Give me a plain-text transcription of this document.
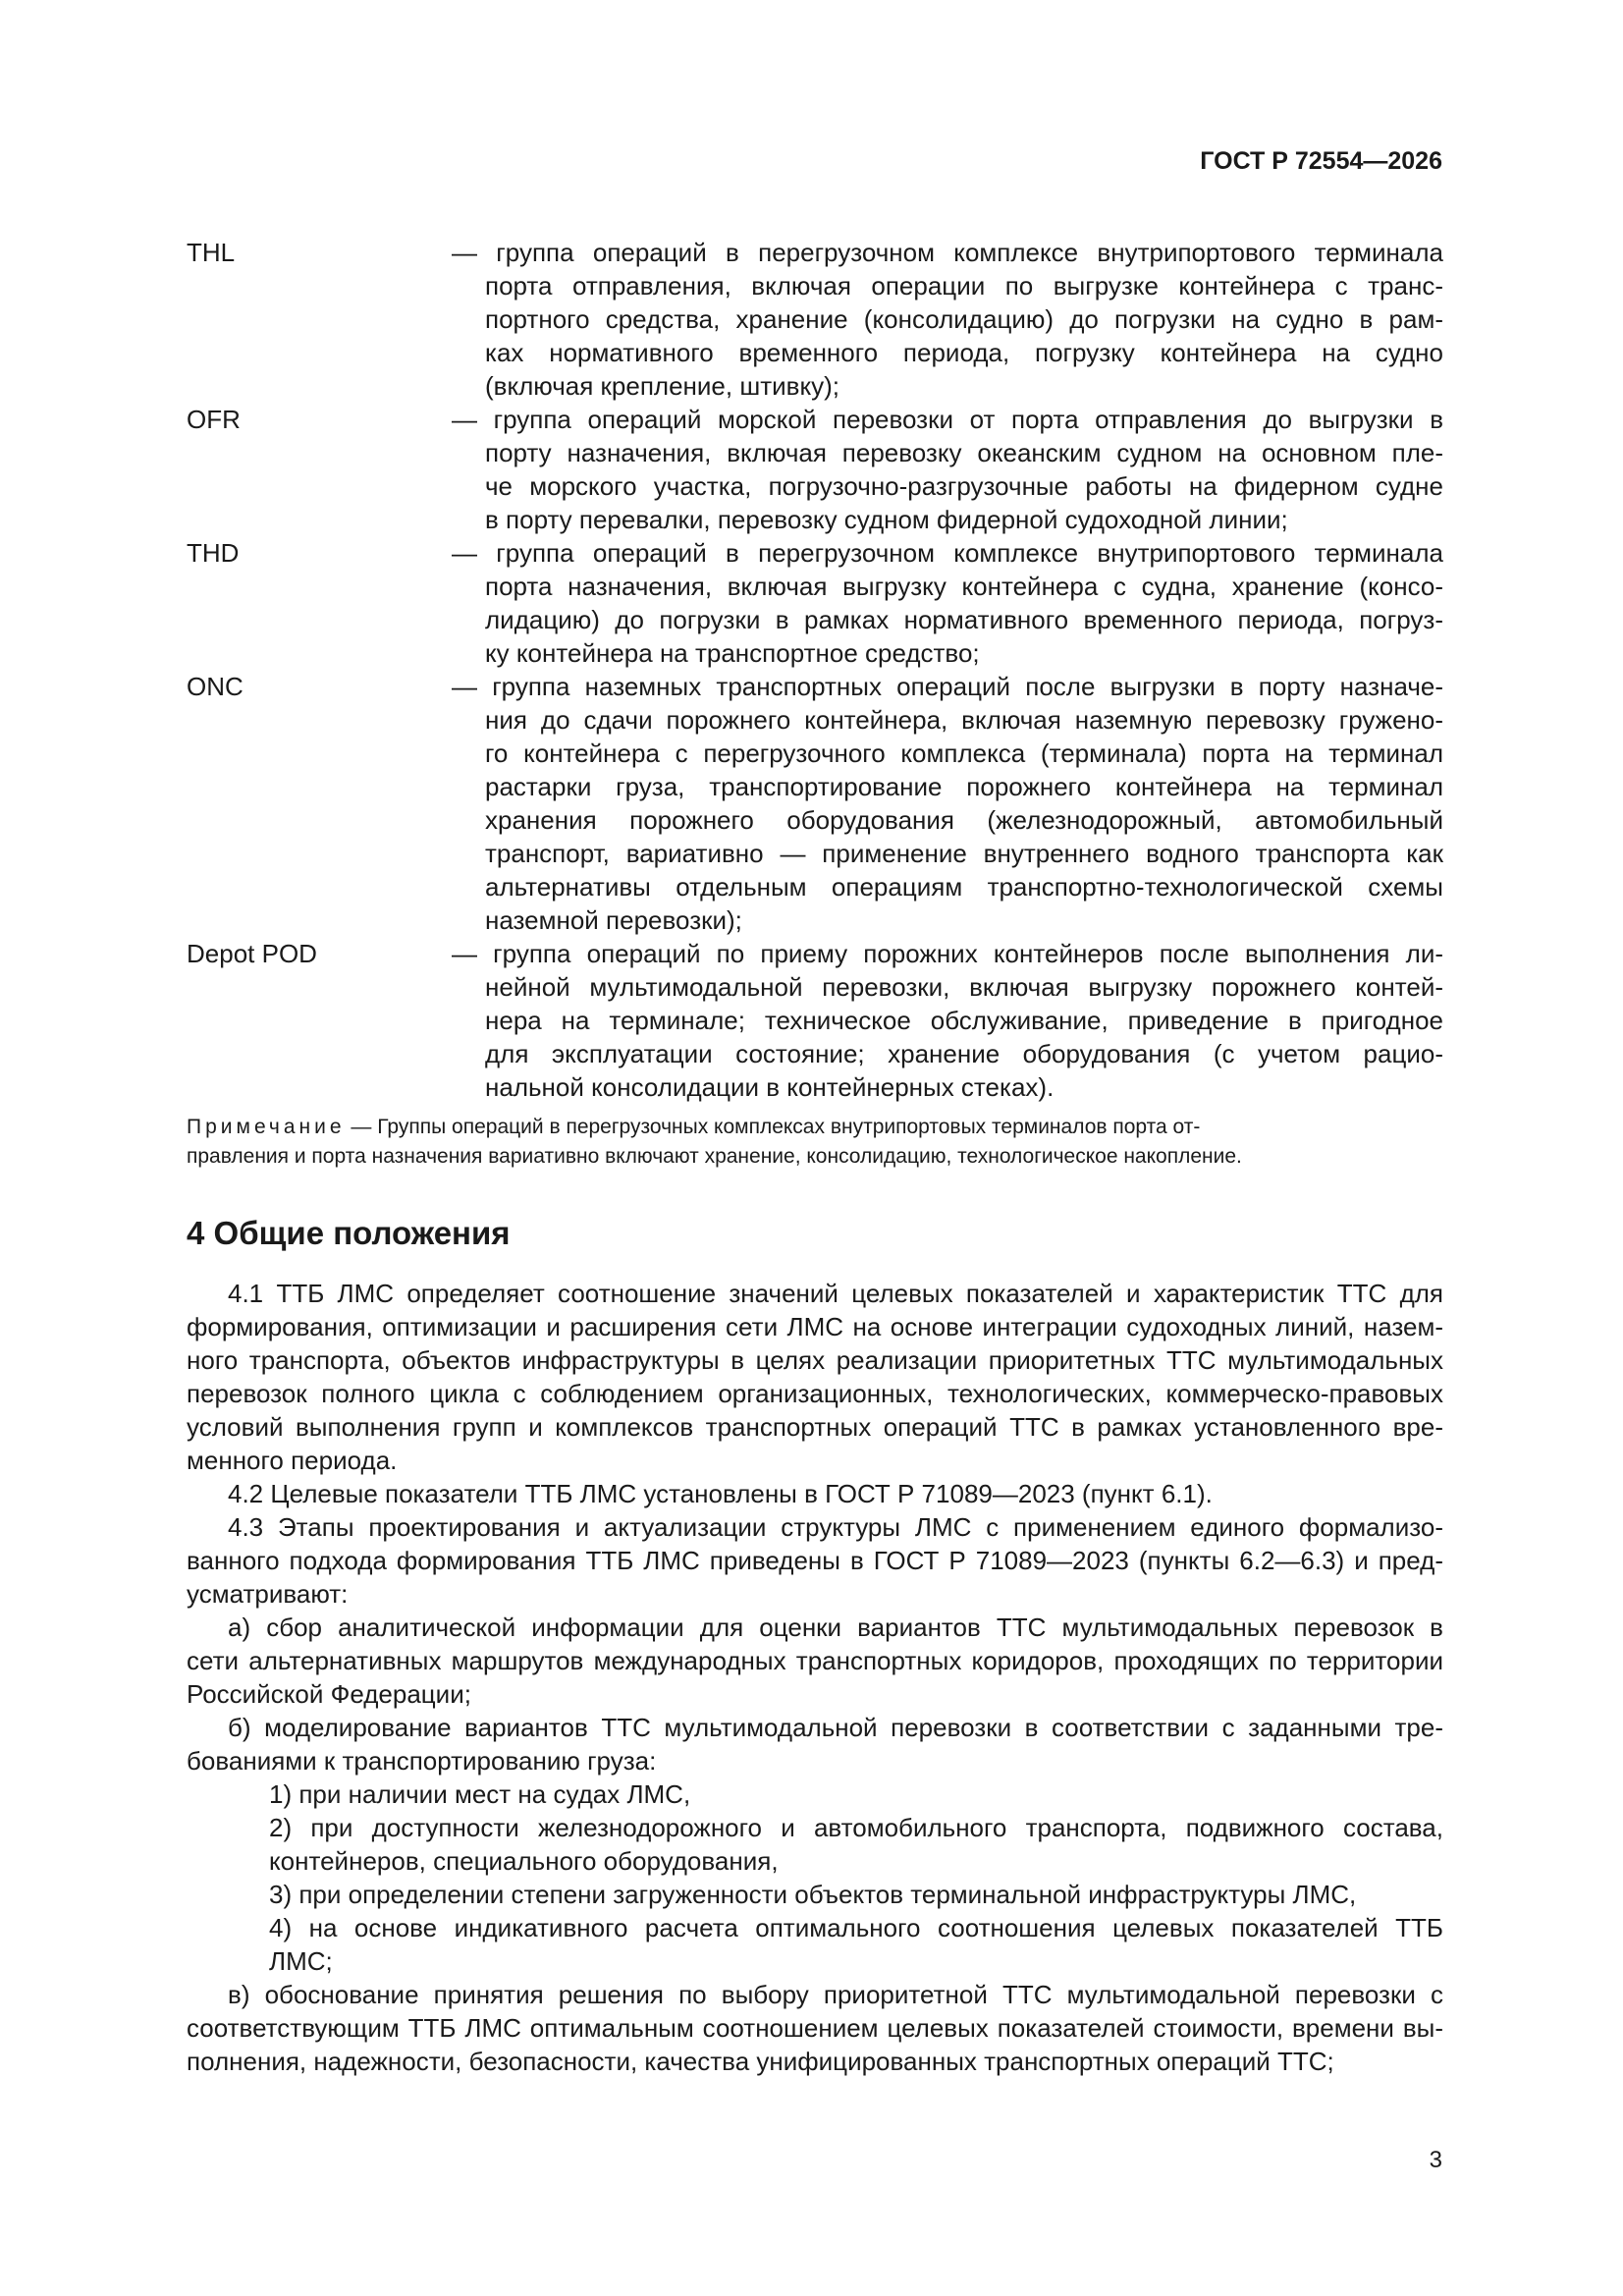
ГОСТ Р 72554—2026
THL	— группа операций в перегрузочном комплексе внутрипортового терминала
порта отправления, включая операции по выгрузке контейнера с транс-
портного средства, хранение (консолидацию) до погрузки на судно в рам-
ках нормативного временного периода, погрузку контейнера на судно
(включая крепление, штивку);
OFR	— группа операций морской перевозки от порта отправления до выгрузки в
порту назначения, включая перевозку океанским судном на основном пле-
че морского участка, погрузочно-разгрузочные работы на фидерном судне
в порту перевалки, перевозку судном фидерной судоходной линии;
THD	— группа операций в перегрузочном комплексе внутрипортового терминала
порта назначения, включая выгрузку контейнера с судна, хранение (консо-
лидацию) до погрузки в рамках нормативного временного периода, погруз-
ку контейнера на транспортное средство;
ONC	— группа наземных транспортных операций после выгрузки в порту назначе-
ния до сдачи порожнего контейнера, включая наземную перевозку гружено-
го контейнера с перегрузочного комплекса (терминала) порта на терминал
растарки груза, транспортирование порожнего контейнера на терминал
хранения порожнего оборудования (железнодорожный, автомобильный
транспорт, вариативно — применение внутреннего водного транспорта как
альтернативы отдельным операциям транспортно-технологической схемы
наземной перевозки);
Depot POD	— группа операций по приему порожних контейнеров после выполнения ли-
нейной мультимодальной перевозки, включая выгрузку порожнего контей-
нера на терминале; техническое обслуживание, приведение в пригодное
для эксплуатации состояние; хранение оборудования (с учетом рацио-
нальной консолидации в контейнерных стеках).
Примечание — Группы операций в перегрузочных комплексах внутрипортовых терминалов порта от-
правления и порта назначения вариативно включают хранение, консолидацию, технологическое накопление.
4 Общие положения
4.1 ТТБ ЛМС определяет соотношение значений целевых показателей и характеристик ТТС для
формирования, оптимизации и расширения сети ЛМС на основе интеграции судоходных линий, назем-
ного транспорта, объектов инфраструктуры в целях реализации приоритетных ТТС мультимодальных
перевозок полного цикла с соблюдением организационных, технологических, коммерческо-правовых
условий выполнения групп и комплексов транспортных операций ТТС в рамках установленного вре-
менного периода.
4.2 Целевые показатели ТТБ ЛМС установлены в ГОСТ Р 71089—2023 (пункт 6.1).
4.3 Этапы проектирования и актуализации структуры ЛМС с применением единого формализо-
ванного подхода формирования ТТБ ЛМС приведены в ГОСТ Р 71089—2023 (пункты 6.2—6.3) и пред-
усматривают:
а) сбор аналитической информации для оценки вариантов ТТС мультимодальных перевозок в
сети альтернативных маршрутов международных транспортных коридоров, проходящих по территории
Российской Федерации;
б) моделирование вариантов ТТС мультимодальной перевозки в соответствии с заданными тре-
бованиями к транспортированию груза:
1) при наличии мест на судах ЛМС,
2) при доступности железнодорожного и автомобильного транспорта, подвижного состава,
контейнеров, специального оборудования,
3) при определении степени загруженности объектов терминальной инфраструктуры ЛМС,
4) на основе индикативного расчета оптимального соотношения целевых показателей ТТБ
ЛМС;
в) обоснование принятия решения по выбору приоритетной ТТС мультимодальной перевозки с
соответствующим ТТБ ЛМС оптимальным соотношением целевых показателей стоимости, времени вы-
полнения, надежности, безопасности, качества унифицированных транспортных операций ТТС;
3
